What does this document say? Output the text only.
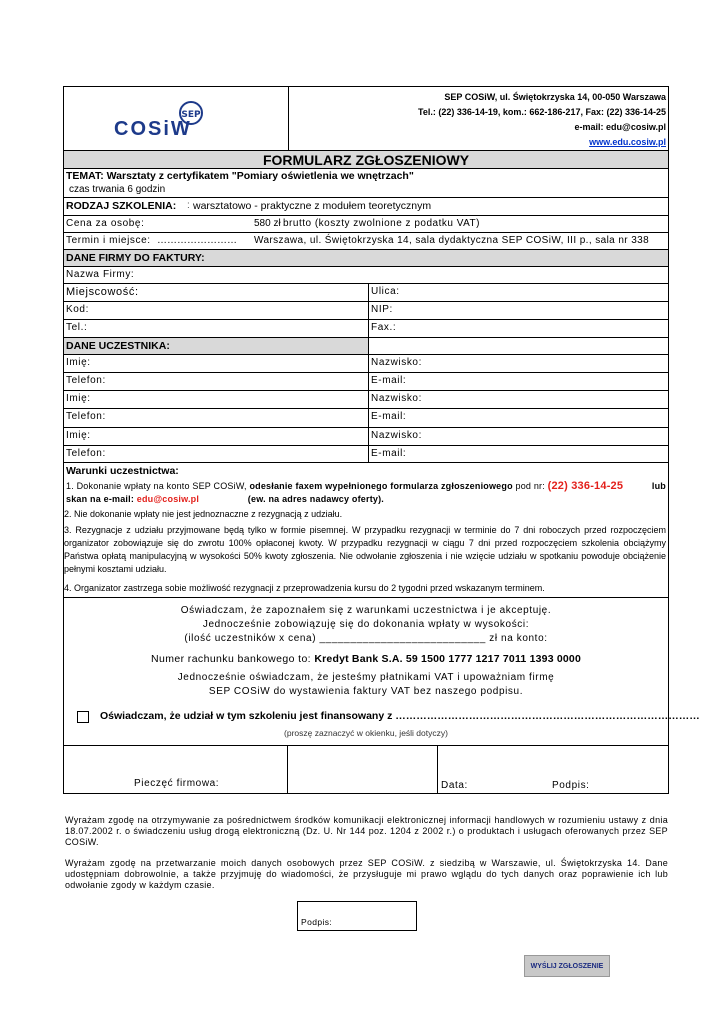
SEP
COSiW
SEP COSiW, ul. Świętokrzyska 14, 00-050 Warszawa
Tel.: (22) 336-14-19, kom.: 662-186-217, Fax: (22) 336-14-25
e-mail: edu@cosiw.pl
www.edu.cosiw.pl
FORMULARZ ZGŁOSZENIOWY
TEMAT: Warsztaty z certyfikatem "Pomiary oświetlenia we wnętrzach"
czas trwania 6 godzin
RODZAJ SZKOLENIA: : warsztatowo - praktyczne z modułem teoretycznym
Cena za osobę:	580 zł brutto (koszty zwolnione z podatku VAT)
Termin i miejsce: …………………… Warszawa, ul. Świętokrzyska 14, sala dydaktyczna SEP COSiW, III p., sala nr 338
DANE FIRMY DO FAKTURY:
Nazwa Firmy:
Miejscowość:	Ulica:
Kod:	NIP:
Tel.:	Fax.:
DANE UCZESTNIKA:
Imię:	Nazwisko:
Telefon:	E-mail:
Imię:	Nazwisko:
Telefon:	E-mail:
Imię:	Nazwisko:
Telefon:	E-mail:
Warunki uczestnictwa:
1. Dokonanie wpłaty na konto SEP COSiW, odesłanie faxem wypełnionego formularza zgłoszeniowego pod nr: (22) 336-14-25	lub

skan na e-mail: edu@cosiw.pl	(ew. na adres nadawcy oferty).
2. Nie dokonanie wpłaty nie jest jednoznaczne z rezygnacją z udziału.
3. Rezygnacje z udziału przyjmowane będą tylko w formie pisemnej. W przypadku rezygnacji w terminie do 7 dni roboczych przed rozpoczęciem organizator zobowiązuje się do zwrotu 100% opłaconej kwoty. W przypadku rezygnacji w ciągu 7 dni przed rozpoczęciem szkolenia obciążymy Państwa opłatą manipulacyjną w wysokości 50% kwoty zgłoszenia. Nie odwołanie zgłoszenia i nie wzięcie udziału w spotkaniu powoduje obciążenie pełnymi kosztami udziału.
4. Organizator zastrzega sobie możliwość rezygnacji z przeprowadzenia kursu do 2 tygodni przed wskazanym terminem.
Oświadczam, że zapoznałem się z warunkami uczestnictwa i je akceptuję.
Jednocześnie zobowiązuję się do dokonania wpłaty w wysokości:
(ilość uczestników x cena) ___________________________ zł na konto:
Numer rachunku bankowego to: Kredyt Bank S.A. 59 1500 1777 1217 7011 1393 0000
Jednocześnie oświadczam, że jesteśmy płatnikami VAT i upoważniam firmę
SEP COSiW do wystawienia faktury VAT bez naszego podpisu.
Oświadczam, że udział w tym szkoleniu jest finansowany z ……………………………………………………………………………
(proszę zaznaczyć w okienku, jeśli dotyczy)
Pieczęć firmowa:	Data:	Podpis:
Wyrażam zgodę na otrzymywanie za pośrednictwem środków komunikacji elektronicznej informacji handlowych w rozumieniu ustawy z dnia 18.07.2002 r. o świadczeniu usług drogą elektroniczną (Dz. U. Nr 144 poz. 1204 z 2002 r.) o produktach i usługach oferowanych przez SEP COSiW.
Wyrażam zgodę na przetwarzanie moich danych osobowych przez SEP COSiW. z siedzibą w Warszawie, ul. Świętokrzyska 14. Dane udostępniam dobrowolnie, a także przyjmuję do wiadomości, że przysługuje mi prawo wglądu do tych danych oraz poprawienie ich lub odwołanie zgody w każdym czasie.
Podpis:
WYŚLIJ ZGŁOSZENIE
